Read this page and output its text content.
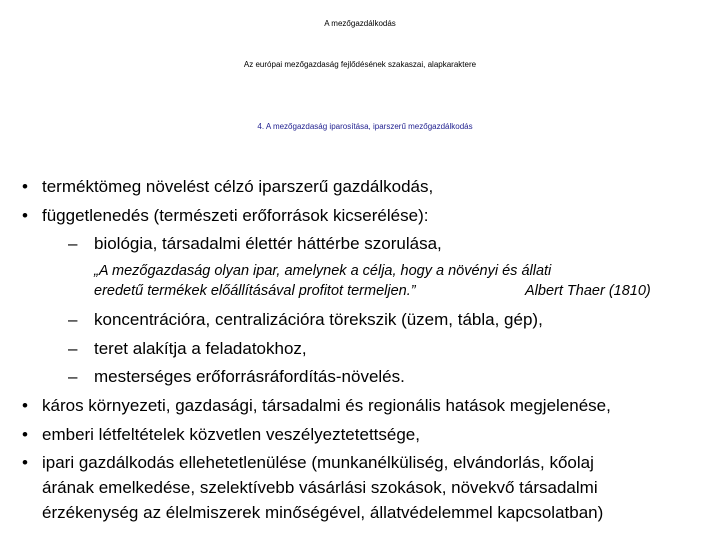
A mezőgazdálkodás
Az európai mezőgazdaság fejlődésének szakaszai, alapkaraktere
4. A mezőgazdaság iparosítása, iparszerű mezőgazdálkodás
• terméktömeg növelést célzó iparszerű gazdálkodás,
• függetlenedés (természeti erőforrások kicserélése):
– biológia, társadalmi élettér háttérbe szorulása,
„A mezőgazdaság olyan ipar, amelynek a célja, hogy a növényi és állati
eredetű termékek előállításával profitot termeljen.”	Albert Thaer (1810)
– koncentrációra, centralizációra törekszik (üzem, tábla, gép),
– teret alakítja a feladatokhoz,
– mesterséges erőforrásráfordítás-növelés.
• káros környezeti, gazdasági, társadalmi és regionális hatások megjelenése,
• emberi létfeltételek közvetlen veszélyeztetettsége,
• ipari gazdálkodás ellehetetlenülése (munkanélküliség, elvándorlás, kőolaj
árának emelkedése, szelektívebb vásárlási szokások, növekvő társadalmi
érzékenység az élelmiszerek minőségével, állatvédelemmel kapcsolatban)
